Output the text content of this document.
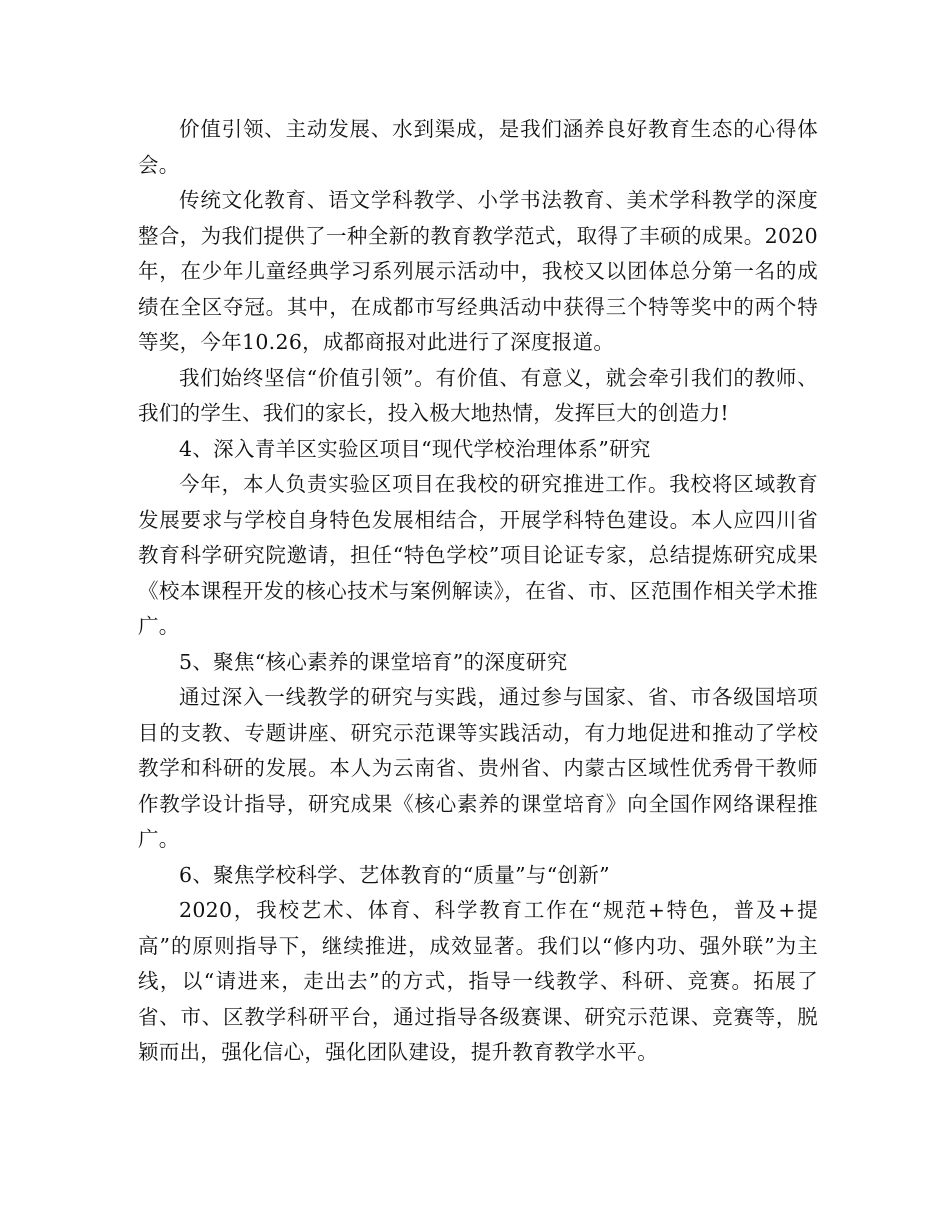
价值引领、主动发展、水到渠成，是我们涵养良好教育生态的心得体会。

传统文化教育、语文学科教学、小学书法教育、美术学科教学的深度整合，为我们提供了一种全新的教育教学范式，取得了丰硕的成果。2020年，在少年儿童经典学习系列展示活动中，我校又以团体总分第一名的成绩在全区夺冠。其中，在成都市写经典活动中获得三个特等奖中的两个特等奖，今年10.26，成都商报对此进行了深度报道。

我们始终坚信“价值引领”。有价值、有意义，就会牵引我们的教师、我们的学生、我们的家长，投入极大地热情，发挥巨大的创造力!

4、深入青羊区实验区项目“现代学校治理体系”研究

今年，本人负责实验区项目在我校的研究推进工作。我校将区域教育发展要求与学校自身特色发展相结合，开展学科特色建设。本人应四川省教育科学研究院邀请，担任“特色学校”项目论证专家，总结提炼研究成果《校本课程开发的核心技术与案例解读》，在省、市、区范围作相关学术推广。

5、聚焦“核心素养的课堂培育”的深度研究

通过深入一线教学的研究与实践，通过参与国家、省、市各级国培项目的支教、专题讲座、研究示范课等实践活动，有力地促进和推动了学校教学和科研的发展。本人为云南省、贵州省、内蒙古区域性优秀骨干教师作教学设计指导，研究成果《核心素养的课堂培育》向全国作网络课程推广。

6、聚焦学校科学、艺体教育的“质量”与“创新”

2020，我校艺术、体育、科学教育工作在“规范+特色，普及+提高”的原则指导下，继续推进，成效显著。我们以“修内功、强外联”为主线，以“请进来，走出去”的方式，指导一线教学、科研、竞赛。拓展了省、市、区教学科研平台，通过指导各级赛课、研究示范课、竞赛等，脱颖而出，强化信心，强化团队建设，提升教育教学水平。
